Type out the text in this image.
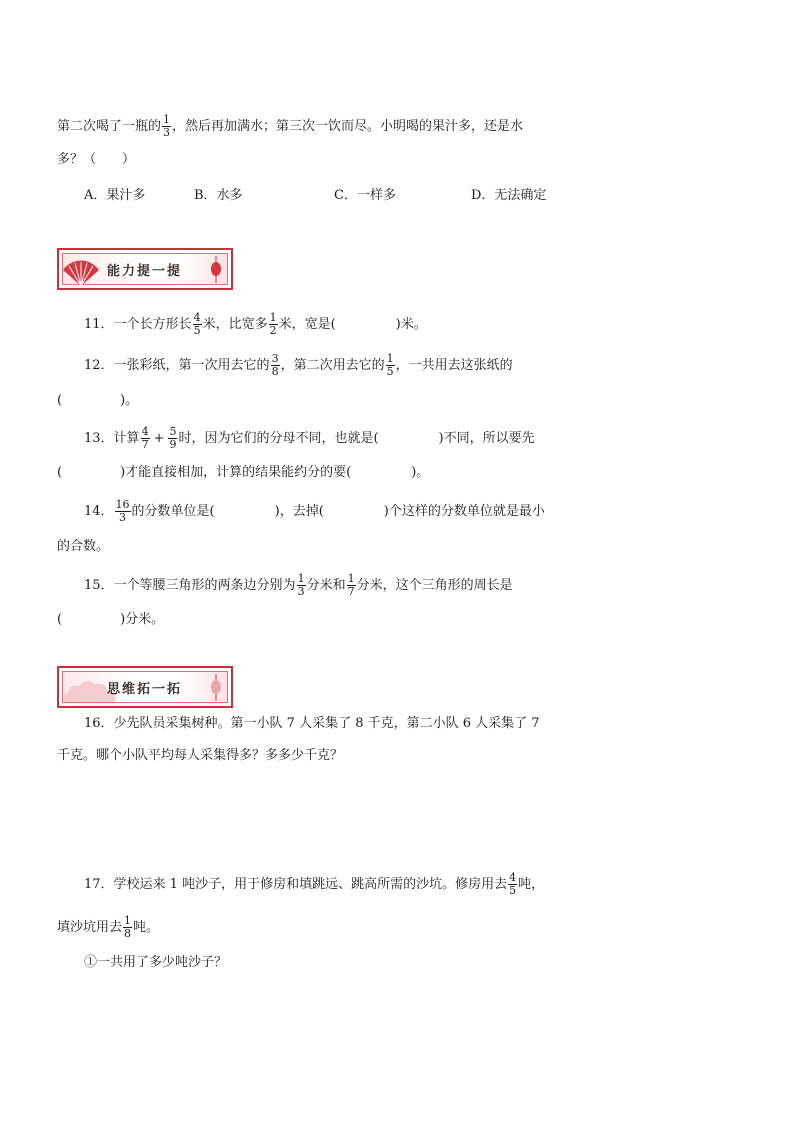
第二次喝了一瓶的 $\frac{1}{3}$ ，然后再加满水；第三次一饮而尽。小明喝的果汁多，还是水
多？（　　）
A．果汁多	B．水多	C．一样多	D．无法确定
能力提一提
11．一个长方形长 $\frac{4}{5}$ 米，比宽多 $\frac{1}{2}$ 米，宽是(	)米。
12．一张彩纸，第一次用去它的 $\frac{3}{8}$ ，第二次用去它的 $\frac{1}{5}$ ，一共用去这张纸的
(	)。
13．计算 $\frac{4}{7} + \frac{5}{9}$ 时，因为它们的分母不同，也就是(	)不同，所以要先
(	)才能直接相加，计算的结果能约分的要(	)。
14． $\frac{16}{3}$ 的分数单位是(	)，去掉(	)个这样的分数单位就是最小
的合数。
15．一个等腰三角形的两条边分别为 $\frac{1}{3}$ 分米和 $\frac{1}{7}$ 分米，这个三角形的周长是
(	)分米。
思维拓一拓
16．少先队员采集树种。第一小队 7 人采集了 8 千克，第二小队 6 人采集了 7
千克。哪个小队平均每人采集得多？多多少千克？
17．学校运来 1 吨沙子，用于修房和填跳远、跳高所需的沙坑。修房用去 $\frac{4}{5}$ 吨，
填沙坑用去 $\frac{1}{8}$ 吨。
①一共用了多少吨沙子？
